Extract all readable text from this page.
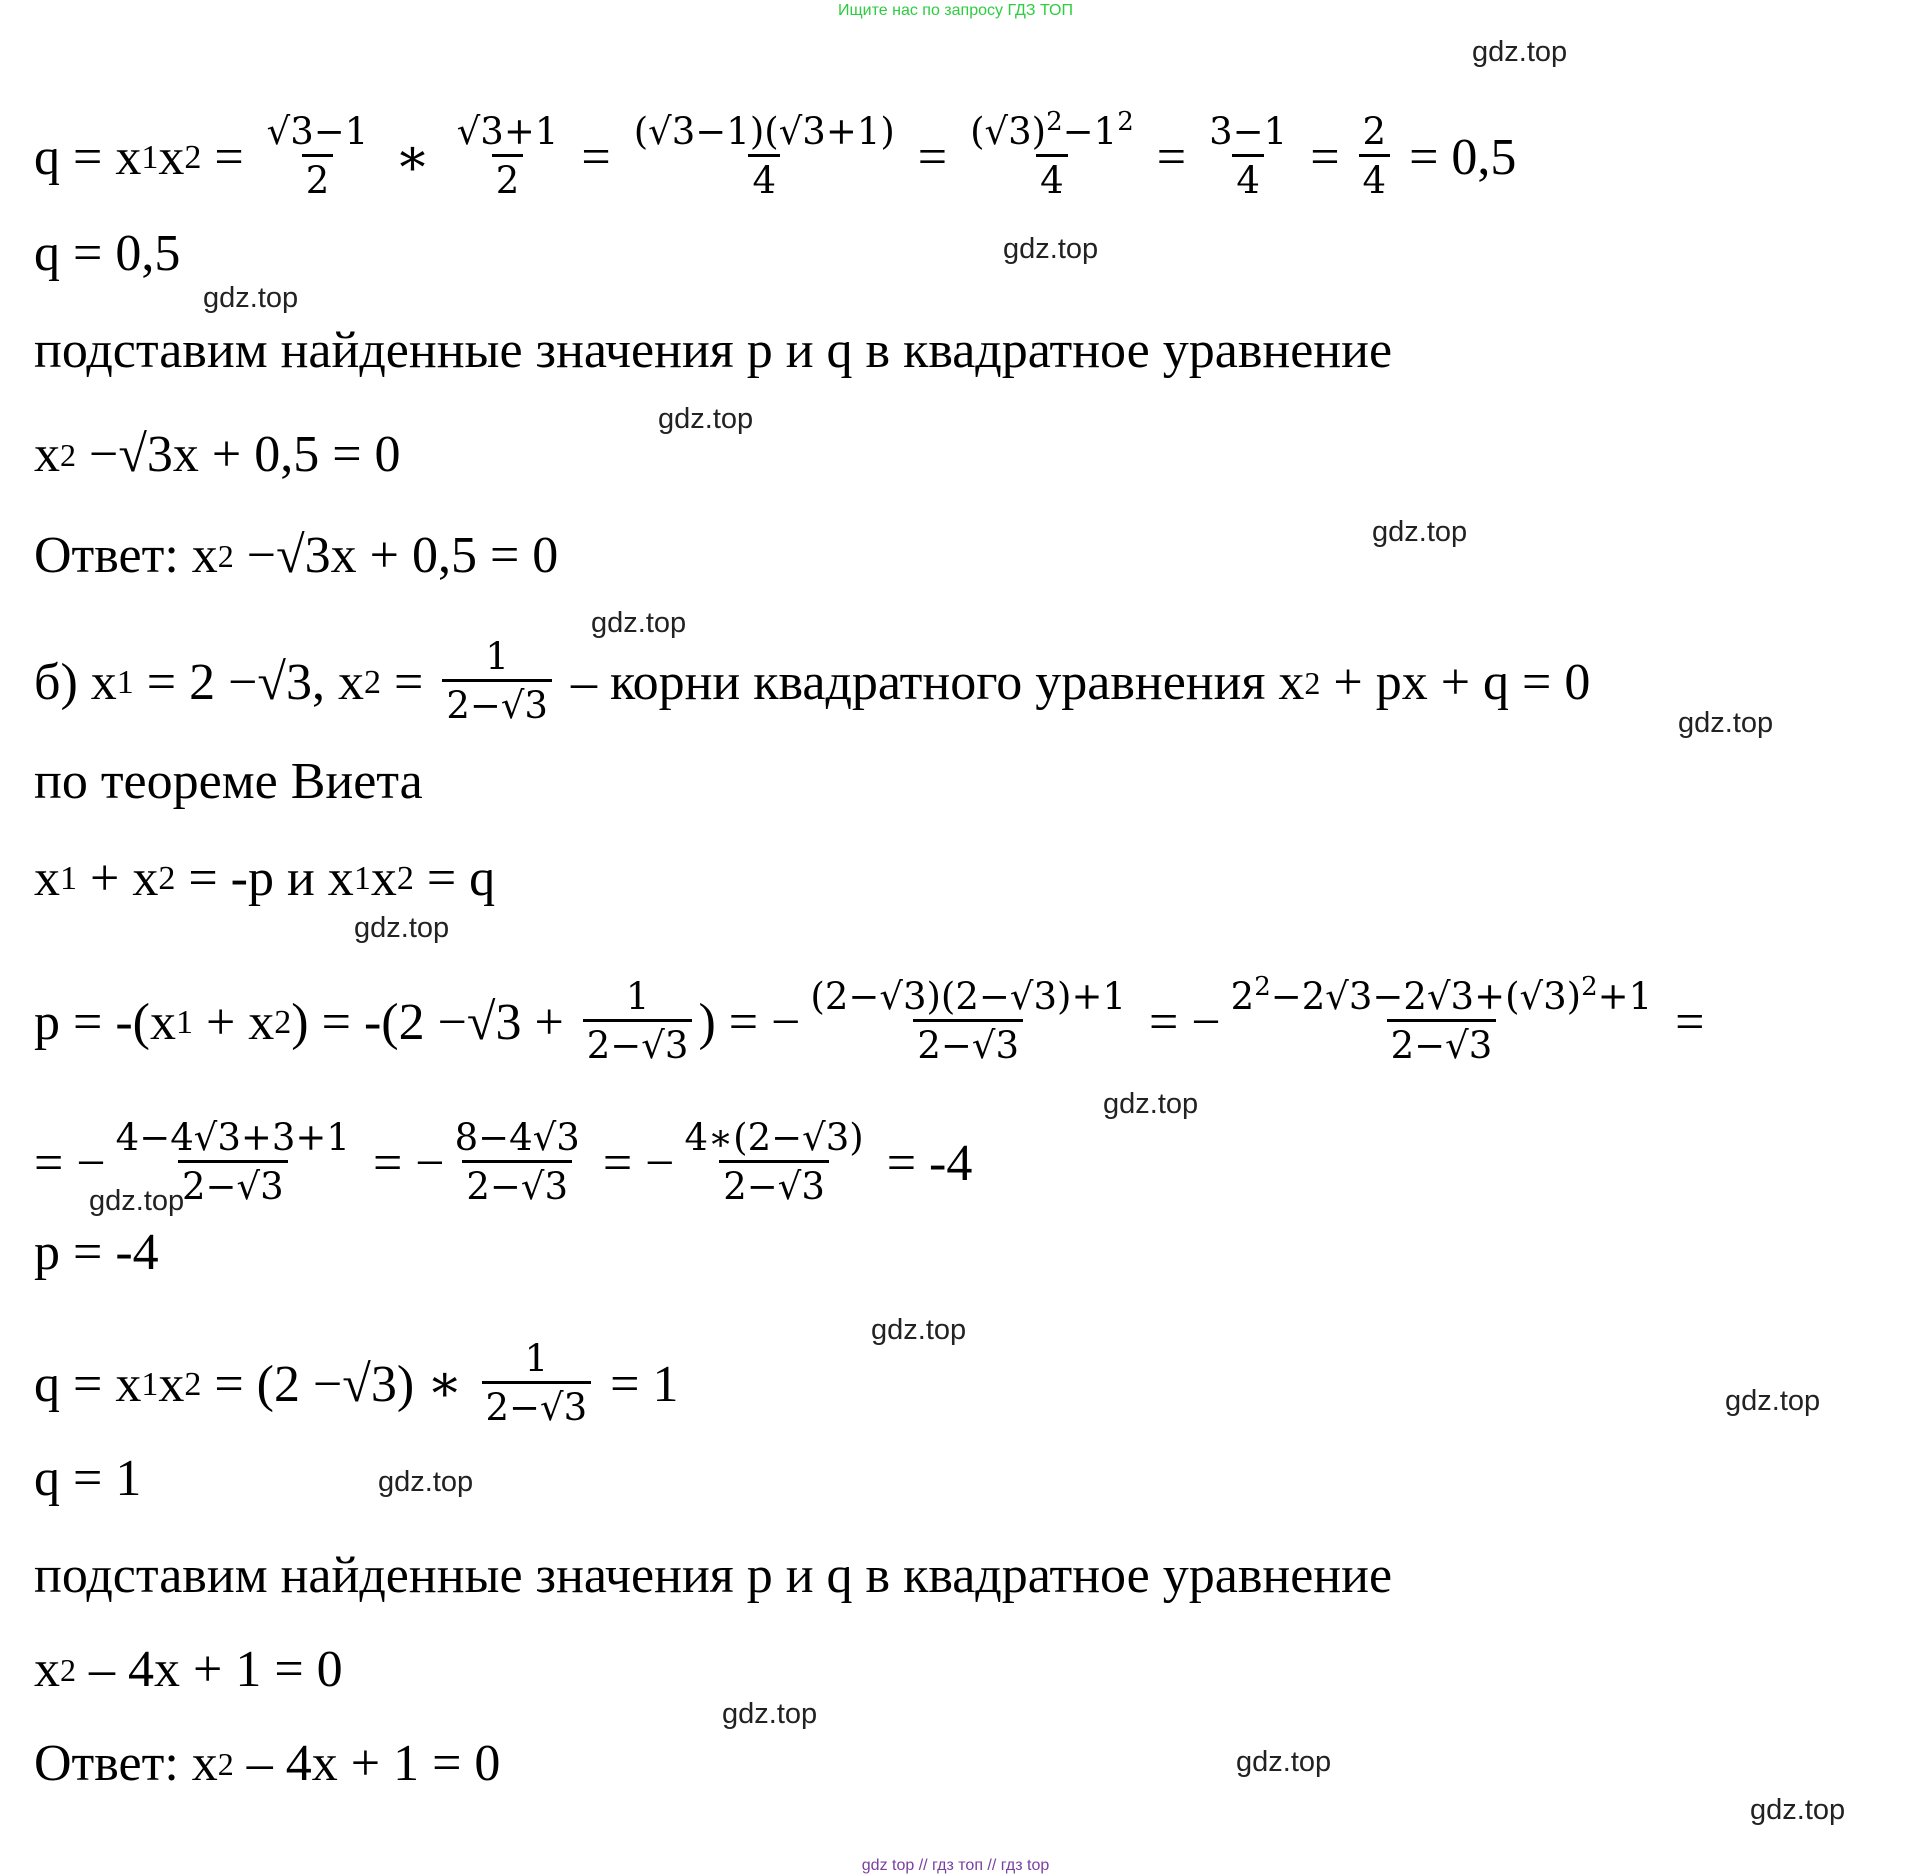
Ищите нас по запросу ГДЗ ТОП
gdz.top
gdz.top
gdz.top
gdz.top
gdz.top
gdz.top
gdz.top
gdz.top
gdz.top
gdz.top
gdz.top
gdz.top
gdz.top
gdz.top
gdz.top
gdz.top
q = x 1 x $2 = \frac{√3-1}{2}$ ∗ $\frac{√3+1}{2} = \frac{(√3-1)(√3+1)}{4} = \frac{(√3)^2-1^2}{4} = \frac{3-1}{4} = \frac{2}{4} = 0,5$
q = 0,5
подставим найденные значения p и q в квадратное уравнение
x 2 −√3x + 0,5 = 0
Ответ: x 2 −√3x + 0,5 = 0
б) x 1 = 2 −√3, x $2 = \frac{1}{2-√3}$ – корни квадратного уравнения x 2 + px + q = 0
по теореме Виета
x 1 + x 2 = -p и x 1 x 2 = q
p = -(x 1 + x 2 ) = $-(2 -√3 + \frac{1}{2-√3}$ ) = − $\frac{(2-√3)(2-√3)+1}{2-√3}$ = − $\frac{2^2-2√3-2√3+(√3)^2+1}{2-√3}$ =
= − $\frac{4-4√3+3+1}{2-√3}$ = − $\frac{8-4√3}{2-√3}$ = − $\frac{4∗(2-√3)}{2-√3} = -4$
p = -4
q = x 1 x 2 = (2 −√3) ∗ $\frac{1}{2-√3} = 1$
q = 1
подставим найденные значения p и q в квадратное уравнение
x 2 – 4x + 1 = 0
Ответ: x 2 – 4x + 1 = 0
gdz top // гдз топ // гдз top
